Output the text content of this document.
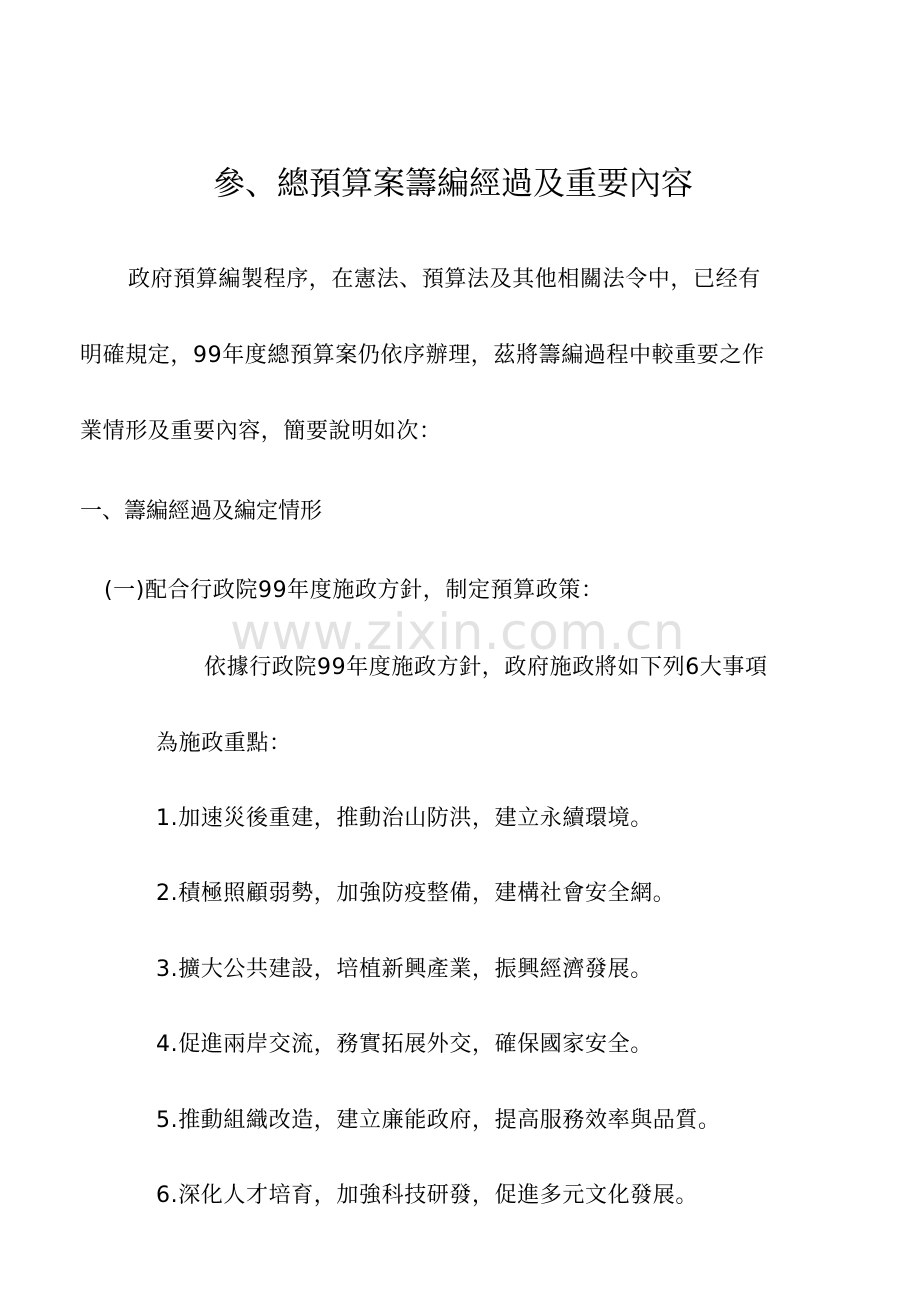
參、總預算案籌編經過及重要內容
政府預算編製程序，在憲法、預算法及其他相關法令中，已经有
明確規定，99年度總預算案仍依序辦理，茲將籌編過程中較重要之作
業情形及重要內容，簡要說明如次：
一、籌編經過及編定情形
(一)配合行政院99年度施政方針，制定預算政策：
www.zixin.com.cn
依據行政院99年度施政方針，政府施政將如下列6大事項
為施政重點：
1.加速災後重建，推動治山防洪，建立永續環境。
2.積極照顧弱勢，加強防疫整備，建構社會安全網。
3.擴大公共建設，培植新興產業，振興經濟發展。
4.促進兩岸交流，務實拓展外交，確保國家安全。
5.推動組織改造，建立廉能政府，提高服務效率與品質。
6.深化人才培育，加強科技研發，促進多元文化發展。
